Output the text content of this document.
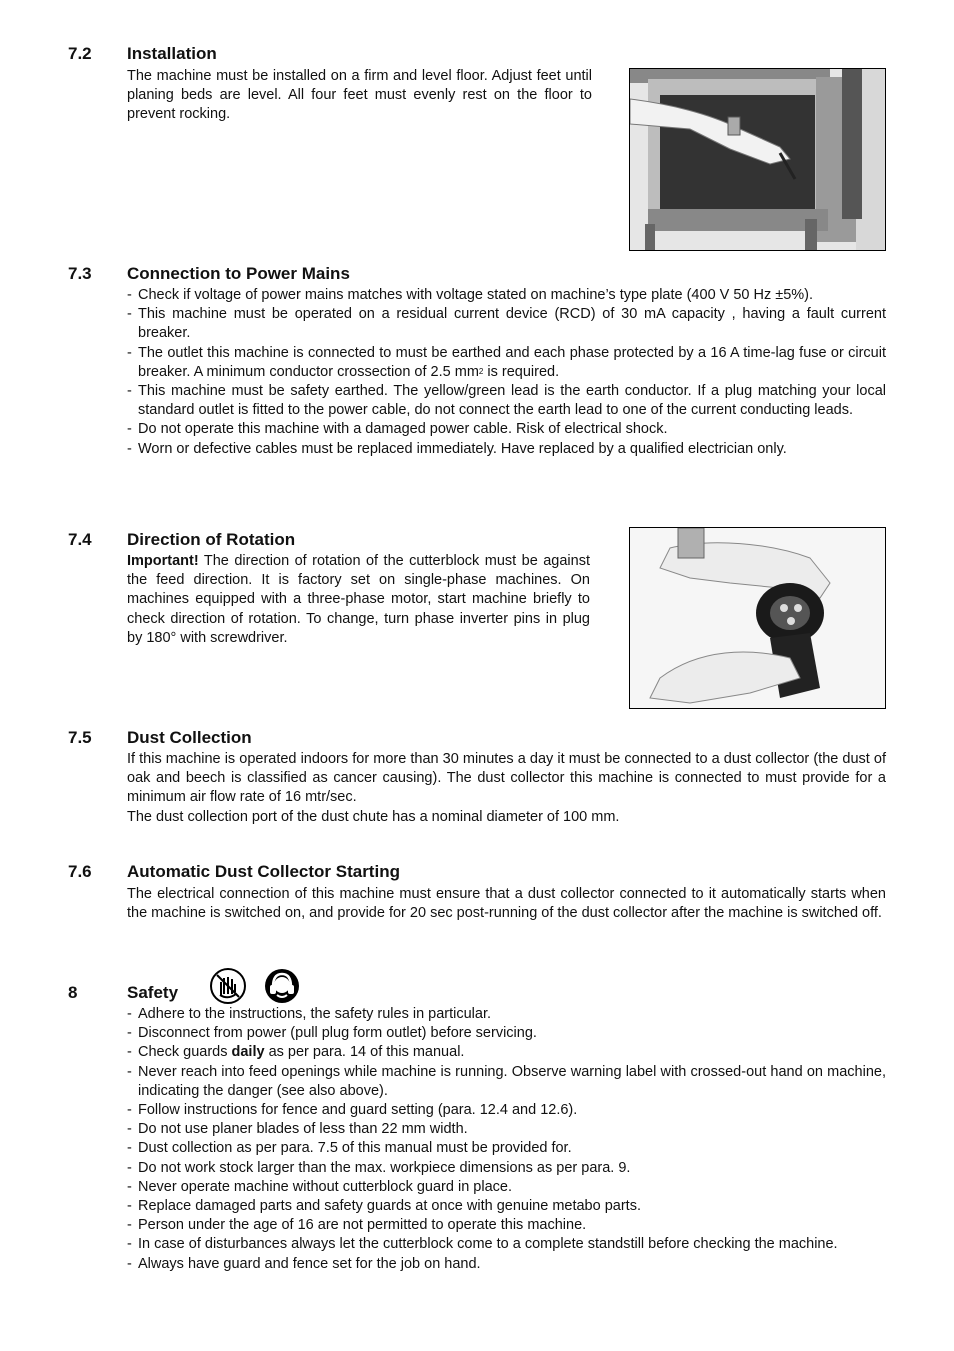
7.2 Installation

The machine must be installed on a firm and level floor. Adjust feet until planing beds are level. All four feet must evenly rest on the floor to prevent rocking.

7.3 Connection to Power Mains
- Check if voltage of power mains matches with voltage stated on machine’s type plate (400 V 50 Hz ±5%).
- This machine must be operated on a residual current device (RCD) of 30 mA capacity , having a fault current breaker.
- The outlet this machine is connected to must be earthed and each phase protected by a 16 A time-lag fuse or circuit breaker. A minimum conductor crossection of 2.5 $mm^2$ is required.
- This machine must be safety earthed. The yellow/green lead is the earth conductor. If a plug matching your local standard outlet is fitted to the power cable, do not connect the earth lead to one of the current conducting leads.
- Do not operate this machine with a damaged power cable. Risk of electrical shock.
- Worn or defective cables must be replaced immediately. Have replaced by a qualified electrician only.
7.4 Direction of Rotation

Important! The direction of rotation of the cutterblock must be against the feed direction. It is factory set on single-phase machines. On machines equipped with a three-phase motor, start machine briefly to check direction of rotation. To change, turn phase inverter pins in plug by 180° with screwdriver.

7.5 Dust Collection

If this machine is operated indoors for more than 30 minutes a day it must be connected to a dust collector (the dust of oak and beech is classified as cancer causing). The dust collector this machine is connected to must provide for a minimum air flow rate of 16 mtr/sec.

The dust collection port of the dust chute has a nominal diameter of 100 mm.

7.6 Automatic Dust Collector Starting

The electrical connection of this machine must ensure that a dust collector connected to it automatically starts when the machine is switched on, and provide for 20 sec post-running of the dust collector after the machine is switched off.

8	Safety
- Adhere to the instructions, the safety rules in particular.
- Disconnect from power (pull plug form outlet) before servicing.
- Check guards daily as per para. 14 of this manual.
- Never reach into feed openings while machine is running. Observe warning label with crossed-out hand on machine, indicating the danger (see also above).
- Follow instructions for fence and guard setting (para. 12.4 and 12.6).
- Do not use planer blades of less than 22 mm width.
- Dust collection as per para. 7.5 of this manual must be provided for.
- Do not work stock larger than the max. workpiece dimensions as per para. 9.
- Never operate machine without cutterblock guard in place.
- Replace damaged parts and safety guards at once with genuine metabo parts.
- Person under the age of 16 are not permitted to operate this machine.
- In case of disturbances always let the cutterblock come to a complete standstill before checking the machine.
- Always have guard and fence set for the job on hand.
